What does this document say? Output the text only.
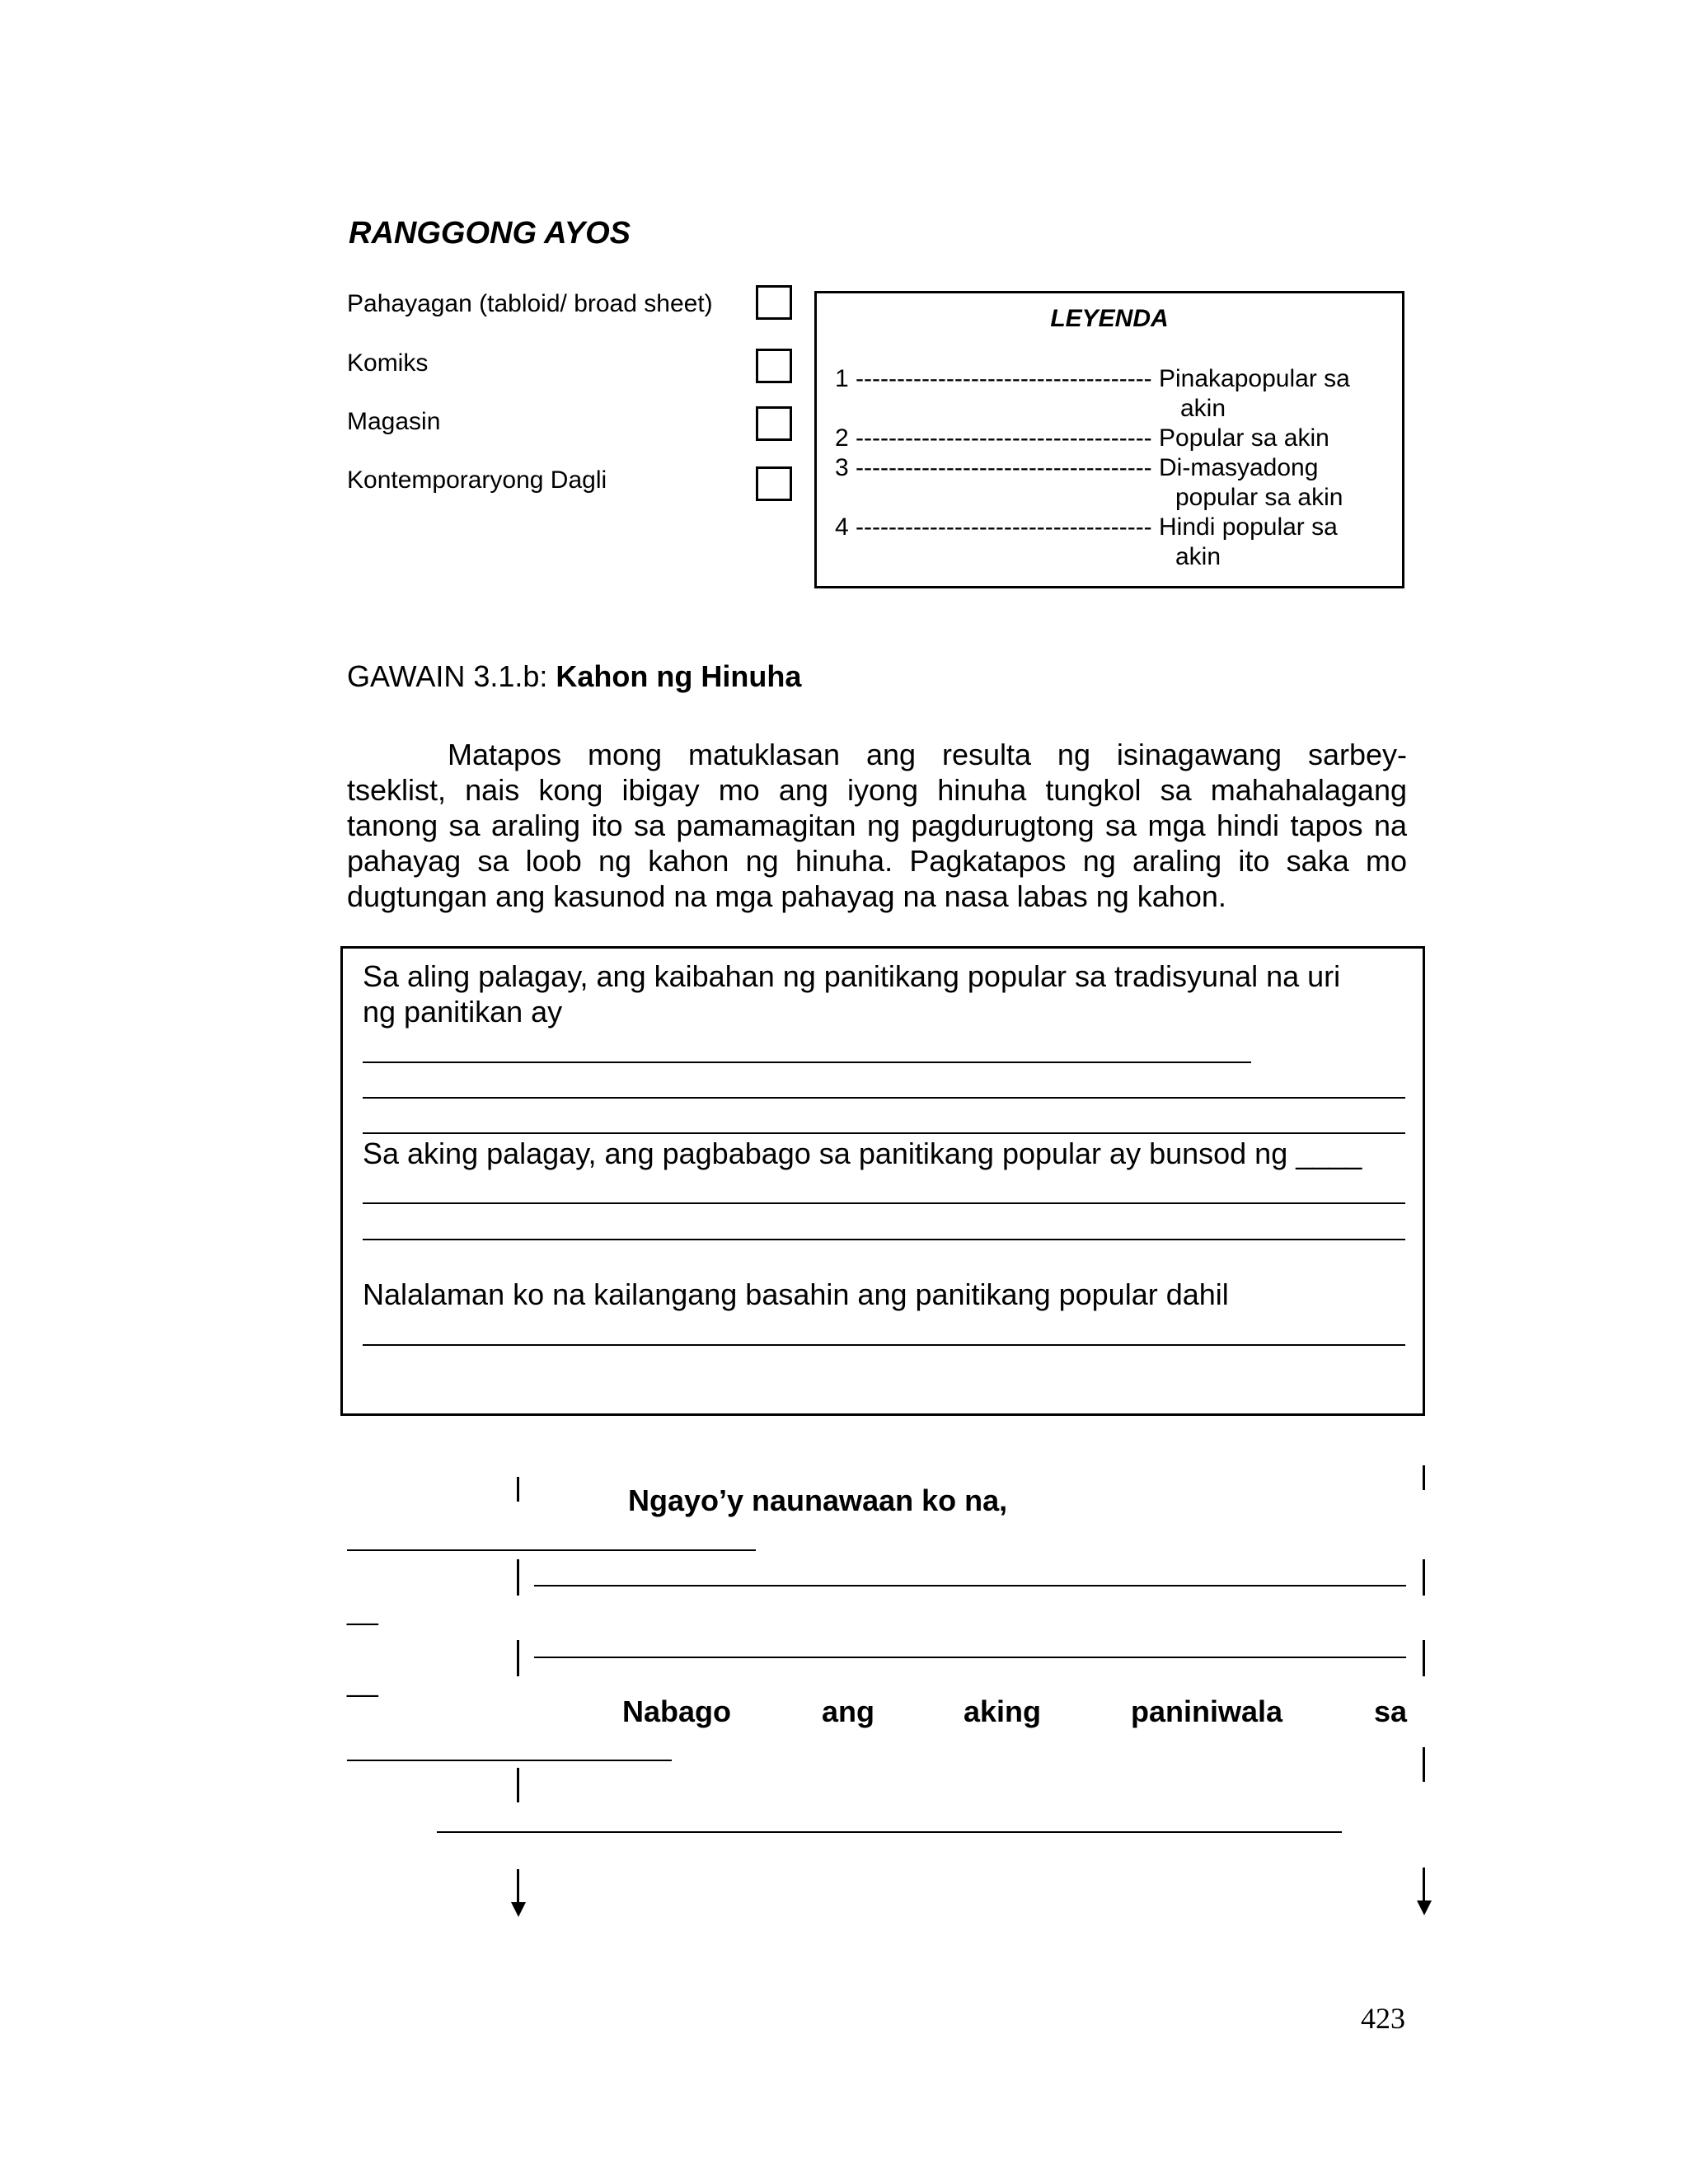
RANGGONG AYOS
Pahayagan (tabloid/ broad sheet)
Komiks
Magasin
Kontemporaryong Dagli
LEYENDA
1 ------------------------------------ Pinakapopular sa
akin
2 ------------------------------------ Popular sa akin
3 ------------------------------------ Di-masyadong
popular sa akin
4 ------------------------------------ Hindi popular sa
akin
GAWAIN 3.1.b: Kahon ng Hinuha
Matapos mong matuklasan ang resulta ng isinagawang sarbey-
tseklist, nais kong ibigay mo ang iyong hinuha tungkol sa mahahalagang
tanong sa araling ito sa pamamagitan ng pagdurugtong sa mga hindi tapos na
pahayag sa loob ng kahon ng hinuha. Pagkatapos ng araling ito saka mo
dugtungan ang kasunod na mga pahayag na nasa labas ng kahon.
Sa aling palagay, ang kaibahan ng panitikang popular sa tradisyunal na uri
ng panitikan ay
Sa aking palagay, ang pagbabago sa panitikang popular ay bunsod ng ____
Nalalaman ko na kailangang basahin ang panitikang popular dahil
Ngayo’y naunawaan ko na,
__
__
Nabago	ang	aking	paniniwala	sa
423
